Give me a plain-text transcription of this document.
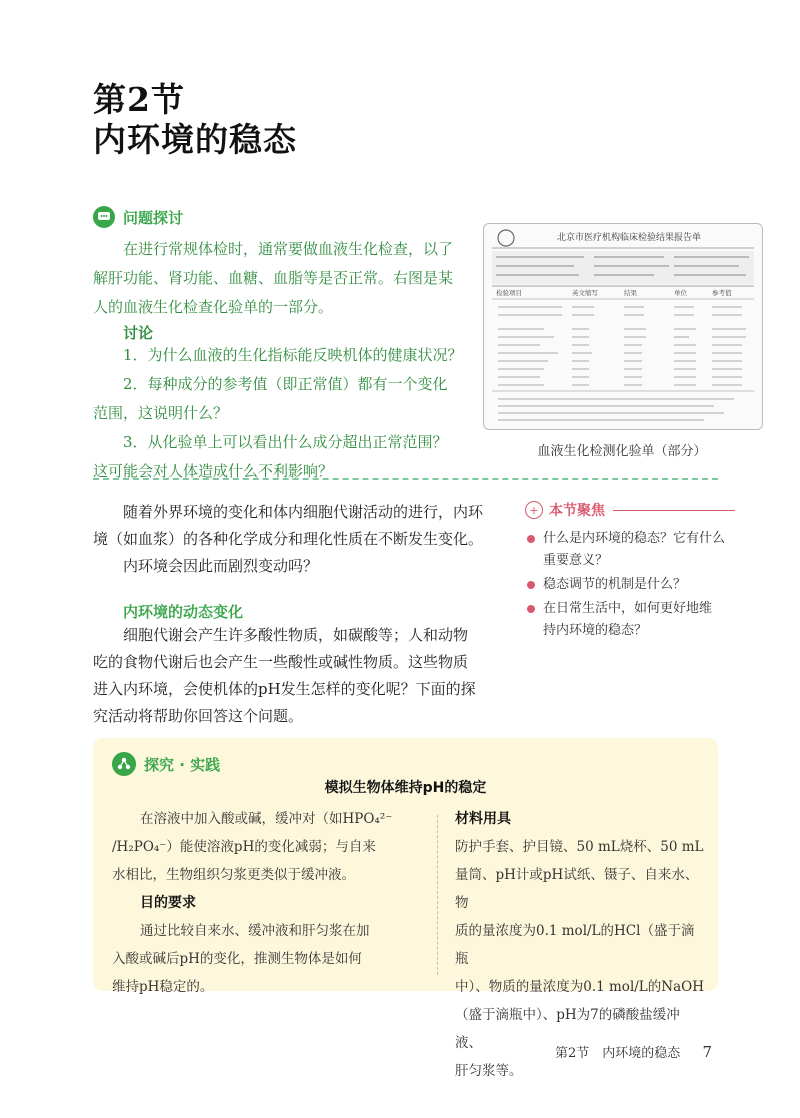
第2节
内环境的稳态
问题探讨
在进行常规体检时，通常要做血液生化检查，以了
解肝功能、肾功能、血糖、血脂等是否正常。右图是某
人的血液生化检查化验单的一部分。
讨论
1．为什么血液的生化指标能反映机体的健康状况？
2．每种成分的参考值（即正常值）都有一个变化
范围，这说明什么？
3．从化验单上可以看出什么成分超出正常范围？
这可能会对人体造成什么不利影响？
北京市医疗机构临床检验结果报告单
检验项目	英文缩写	结果	单位	参考值
血液生化检测化验单（部分）
随着外界环境的变化和体内细胞代谢活动的进行，内环
境（如血浆）的各种化学成分和理化性质在不断发生变化。
内环境会因此而剧烈变动吗？
内环境的动态变化
细胞代谢会产生许多酸性物质，如碳酸等；人和动物
吃的食物代谢后也会产生一些酸性或碱性物质。这些物质
进入内环境，会使机体的pH发生怎样的变化呢？下面的探
究活动将帮助你回答这个问题。
+ 本节聚焦
什么是内环境的稳态？它有什么
重要意义？
稳态调节的机制是什么？
在日常生活中，如何更好地维
持内环境的稳态？
探究 · 实践
模拟生物体维持pH的稳定
在溶液中加入酸或碱，缓冲对（如HPO₄²⁻
/H₂PO₄⁻）能使溶液pH的变化减弱；与自来
水相比，生物组织匀浆更类似于缓冲液。
目的要求
通过比较自来水、缓冲液和肝匀浆在加
入酸或碱后pH的变化，推测生物体是如何
维持pH稳定的。
材料用具
防护手套、护目镜、50 mL烧杯、50 mL
量筒、pH计或pH试纸、镊子、自来水、物
质的量浓度为0.1 mol/L的HCl（盛于滴瓶
中）、物质的量浓度为0.1 mol/L的NaOH
（盛于滴瓶中）、pH为7的磷酸盐缓冲液、
肝匀浆等。
第2节　内环境的稳态 7
